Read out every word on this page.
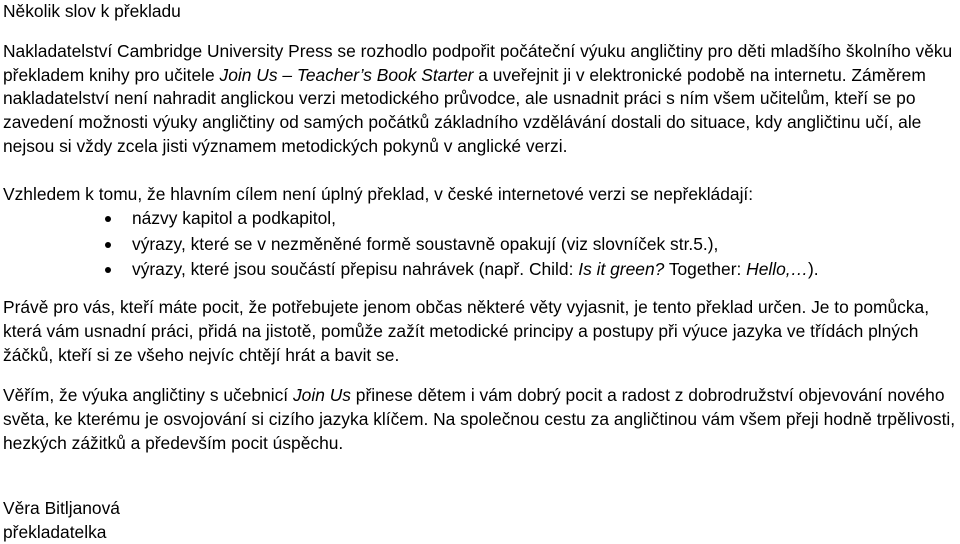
Několik slov k překladu
Nakladatelství Cambridge University Press se rozhodlo podpořit počáteční výuku angličtiny pro děti mladšího školního věku překladem knihy pro učitele Join Us – Teacher’s Book Starter a uveřejnit ji v elektronické podobě na internetu. Záměrem nakladatelství není nahradit anglickou verzi metodického průvodce, ale usnadnit práci s ním všem učitelům, kteří se po zavedení možnosti výuky angličtiny od samých počátků základního vzdělávání dostali do situace, kdy angličtinu učí, ale nejsou si vždy zcela jisti významem metodických pokynů v anglické verzi.
Vzhledem k tomu, že hlavním cílem není úplný překlad, v české internetové verzi se nepřekládají:
názvy kapitol a podkapitol,
výrazy, které se v nezměněné formě soustavně opakují (viz slovníček str.5.),
výrazy, které jsou součástí přepisu nahrávek (např. Child: Is it green? Together: Hello,…).
Právě pro vás, kteří máte pocit, že potřebujete jenom občas některé věty vyjasnit, je tento překlad určen. Je to pomůcka, která vám usnadní práci, přidá na jistotě, pomůže zažít metodické principy a postupy při výuce jazyka ve třídách plných žáčků, kteří si ze všeho nejvíc chtějí hrát a bavit se.
Věřím, že výuka angličtiny s učebnicí Join Us přinese dětem i vám dobrý pocit a radost z dobrodružství objevování nového světa, ke kterému je osvojování si cizího jazyka klíčem. Na společnou cestu za angličtinou vám všem přeji hodně trpělivosti, hezkých zážitků a především pocit úspěchu.
Věra Bitljanová
překladatelka
